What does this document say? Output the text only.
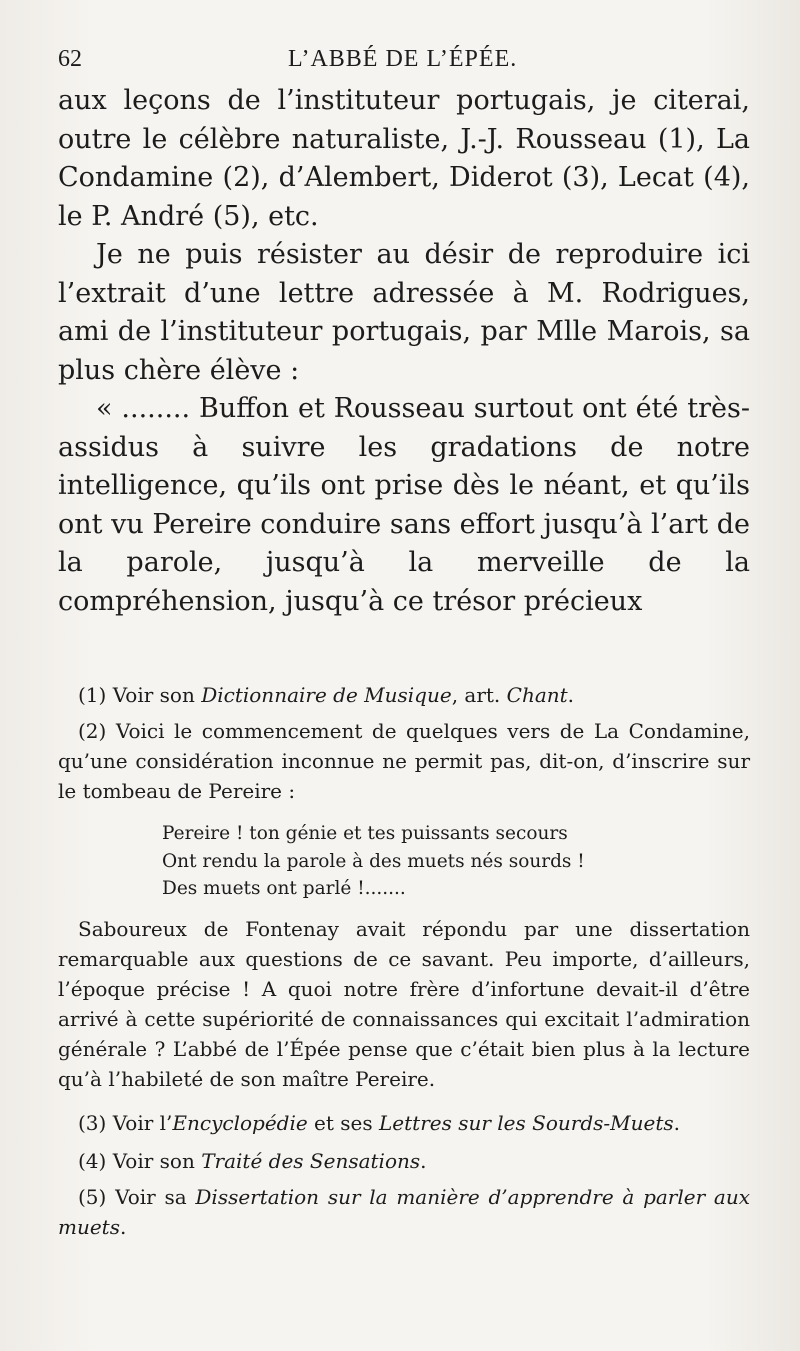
62	L’ABBÉ DE L’ÉPÉE.

aux leçons de l’instituteur portugais, je citerai, outre le célèbre naturaliste, J.-J. Rousseau (1), La Condamine (2), d’Alembert, Diderot (3), Lecat (4), le P. André (5), etc.

Je ne puis résister au désir de reproduire ici l’extrait d’une lettre adressée à M. Rodrigues, ami de l’instituteur portugais, par Mlle Marois, sa plus chère élève :

« ........ Buffon et Rousseau surtout ont été très-assidus à suivre les gradations de notre intelligence, qu’ils ont prise dès le néant, et qu’ils ont vu Pereire conduire sans effort jusqu’à l’art de la parole, jusqu’à la merveille de la compréhension, jusqu’à ce trésor précieux

(1) Voir son Dictionnaire de Musique, art. Chant.

(2) Voici le commencement de quelques vers de La Condamine, qu’une considération inconnue ne permit pas, dit-on, d’inscrire sur le tombeau de Pereire :

Pereire ! ton génie et tes puissants secours
Ont rendu la parole à des muets nés sourds !
Des muets ont parlé !.......

Saboureux de Fontenay avait répondu par une dissertation remarquable aux questions de ce savant. Peu importe, d’ailleurs, l’époque précise ! A quoi notre frère d’infortune devait-il d’être arrivé à cette supériorité de connaissances qui excitait l’admiration générale ? L’abbé de l’Épée pense que c’était bien plus à la lecture qu’à l’habileté de son maître Pereire.

(3) Voir l’Encyclopédie et ses Lettres sur les Sourds-Muets.

(4) Voir son Traité des Sensations.

(5) Voir sa Dissertation sur la manière d’apprendre à parler aux muets.
